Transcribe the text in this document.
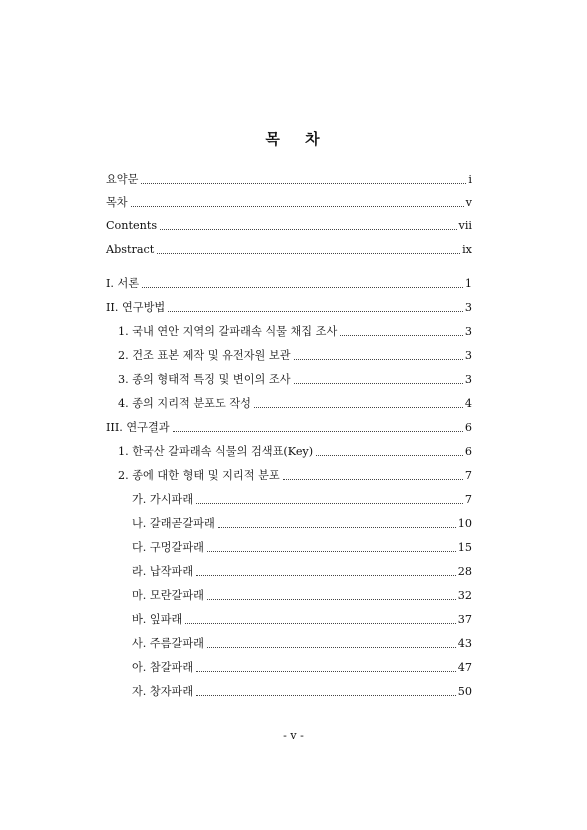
목 차
요약문	i
목차	v
Contents	vii
Abstract	ix
I. 서론	1
II. 연구방법	3
1. 국내 연안 지역의 갈파래속 식물 채집 조사	3
2. 건조 표본 제작 및 유전자원 보관	3
3. 종의 형태적 특징 및 변이의 조사	3
4. 종의 지리적 분포도 작성	4
III. 연구결과	6
1. 한국산 갈파래속 식물의 검색표(Key)	6
2. 종에 대한 형태 및 지리적 분포	7
가. 가시파래	7
나. 갈래곧갈파래	10
다. 구멍갈파래	15
라. 납작파래	28
마. 모란갈파래	32
바. 잎파래	37
사. 주름갈파래	43
아. 참갈파래	47
자. 창자파래	50
- v -
